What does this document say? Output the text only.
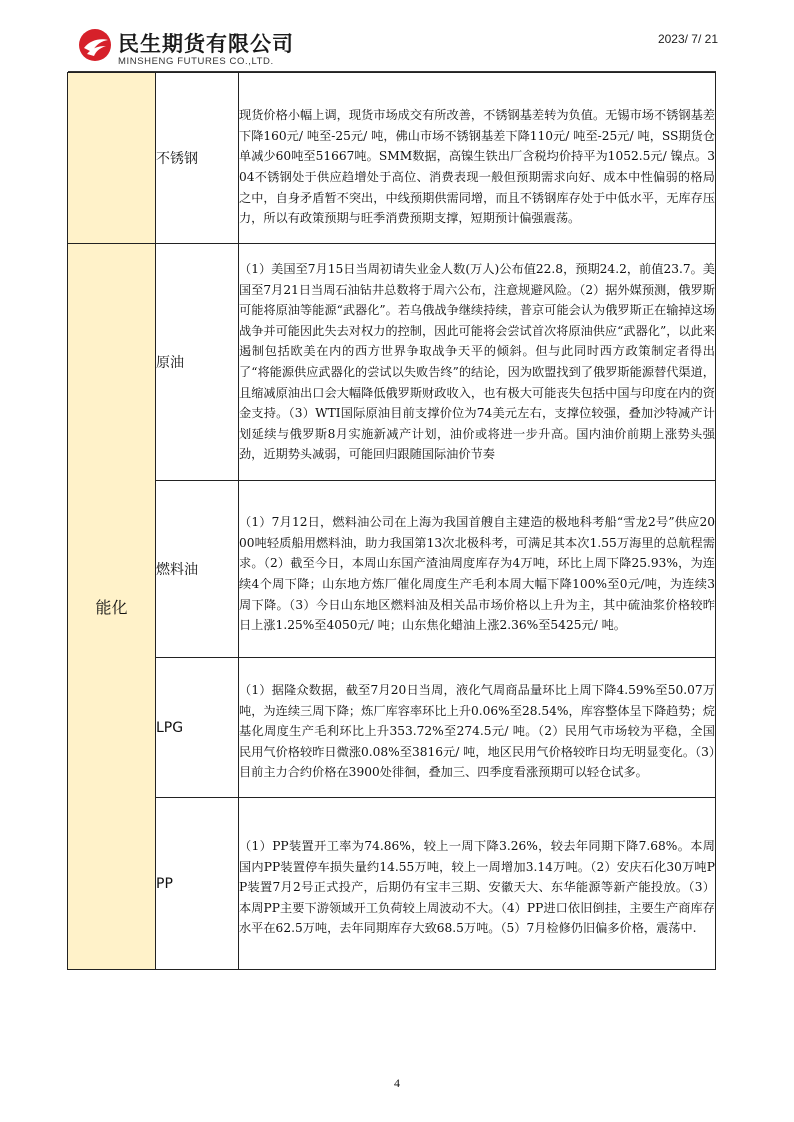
民生期货有限公司
MINSHENG FUTURES CO.,LTD.
2023/ 7/ 21
	不锈钢	现货价格小幅上调，现货市场成交有所改善，不锈钢基差转为负值。无锡市场不锈钢基差下降160元/ 吨至-25元/ 吨，佛山市场不锈钢基差下降110元/ 吨至-25元/ 吨，SS期货仓单减少60吨至51667吨。SMM数据，高镍生铁出厂含税均价持平为1052.5元/ 镍点。304不锈钢处于供应趋增处于高位、消费表现一般但预期需求向好、成本中性偏弱的格局之中，自身矛盾暂不突出，中线预期供需同增，而且不锈钢库存处于中低水平，无库存压力，所以有政策预期与旺季消费预期支撑，短期预计偏强震荡。
能化	原油	（1）美国至7月15日当周初请失业金人数(万人)公布值22.8，预期24.2，前值23.7。美国至7月21日当周石油钻井总数将于周六公布，注意规避风险。（2）据外媒预测，俄罗斯可能将原油等能源“武器化”。若乌俄战争继续持续，普京可能会认为俄罗斯正在输掉这场战争并可能因此失去对权力的控制，因此可能将会尝试首次将原油供应“武器化”，以此来遏制包括欧美在内的西方世界争取战争天平的倾斜。但与此同时西方政策制定者得出了“将能源供应武器化的尝试以失败告终”的结论，因为欧盟找到了俄罗斯能源替代渠道，且缩减原油出口会大幅降低俄罗斯财政收入，也有极大可能丧失包括中国与印度在内的资金支持。（3）WTI国际原油目前支撑价位为74美元左右，支撑位较强，叠加沙特减产计划延续与俄罗斯8月实施新减产计划，油价或将进一步升高。国内油价前期上涨势头强劲，近期势头减弱，可能回归跟随国际油价节奏
	燃料油	（1）7月12日，燃料油公司在上海为我国首艘自主建造的极地科考船“雪龙2号”供应2000吨轻质船用燃料油，助力我国第13次北极科考，可满足其本次1.55万海里的总航程需求。（2）截至今日，本周山东国产渣油周度库存为4万吨，环比上周下降25.93%，为连续4个周下降；山东地方炼厂催化周度生产毛利本周大幅下降100%至0元/吨，为连续3周下降。（3）今日山东地区燃料油及相关品市场价格以上升为主，其中硫油浆价格较昨日上涨1.25%至4050元/ 吨；山东焦化蜡油上涨2.36%至5425元/ 吨。
	LPG	（1）据隆众数据，截至7月20日当周，液化气周商品量环比上周下降4.59%至50.07万吨，为连续三周下降；炼厂库容率环比上升0.06%至28.54%，库容整体呈下降趋势；烷基化周度生产毛利环比上升353.72%至274.5元/ 吨。（2）民用气市场较为平稳，全国民用气价格较昨日微涨0.08%至3816元/ 吨，地区民用气价格较昨日均无明显变化。（3）目前主力合约价格在3900处徘徊，叠加三、四季度看涨预期可以轻仓试多。
	PP	（1）PP装置开工率为74.86%，较上一周下降3.26%，较去年同期下降7.68%。本周国内PP装置停车损失量约14.55万吨，较上一周增加3.14万吨。（2）安庆石化30万吨PP装置7月2号正式投产，后期仍有宝丰三期、安徽天大、东华能源等新产能投放。（3）本周PP主要下游领域开工负荷较上周波动不大。（4）PP进口依旧倒挂，主要生产商库存水平在62.5万吨，去年同期库存大致68.5万吨。（5）7月检修仍旧偏多价格，震荡中.
4
